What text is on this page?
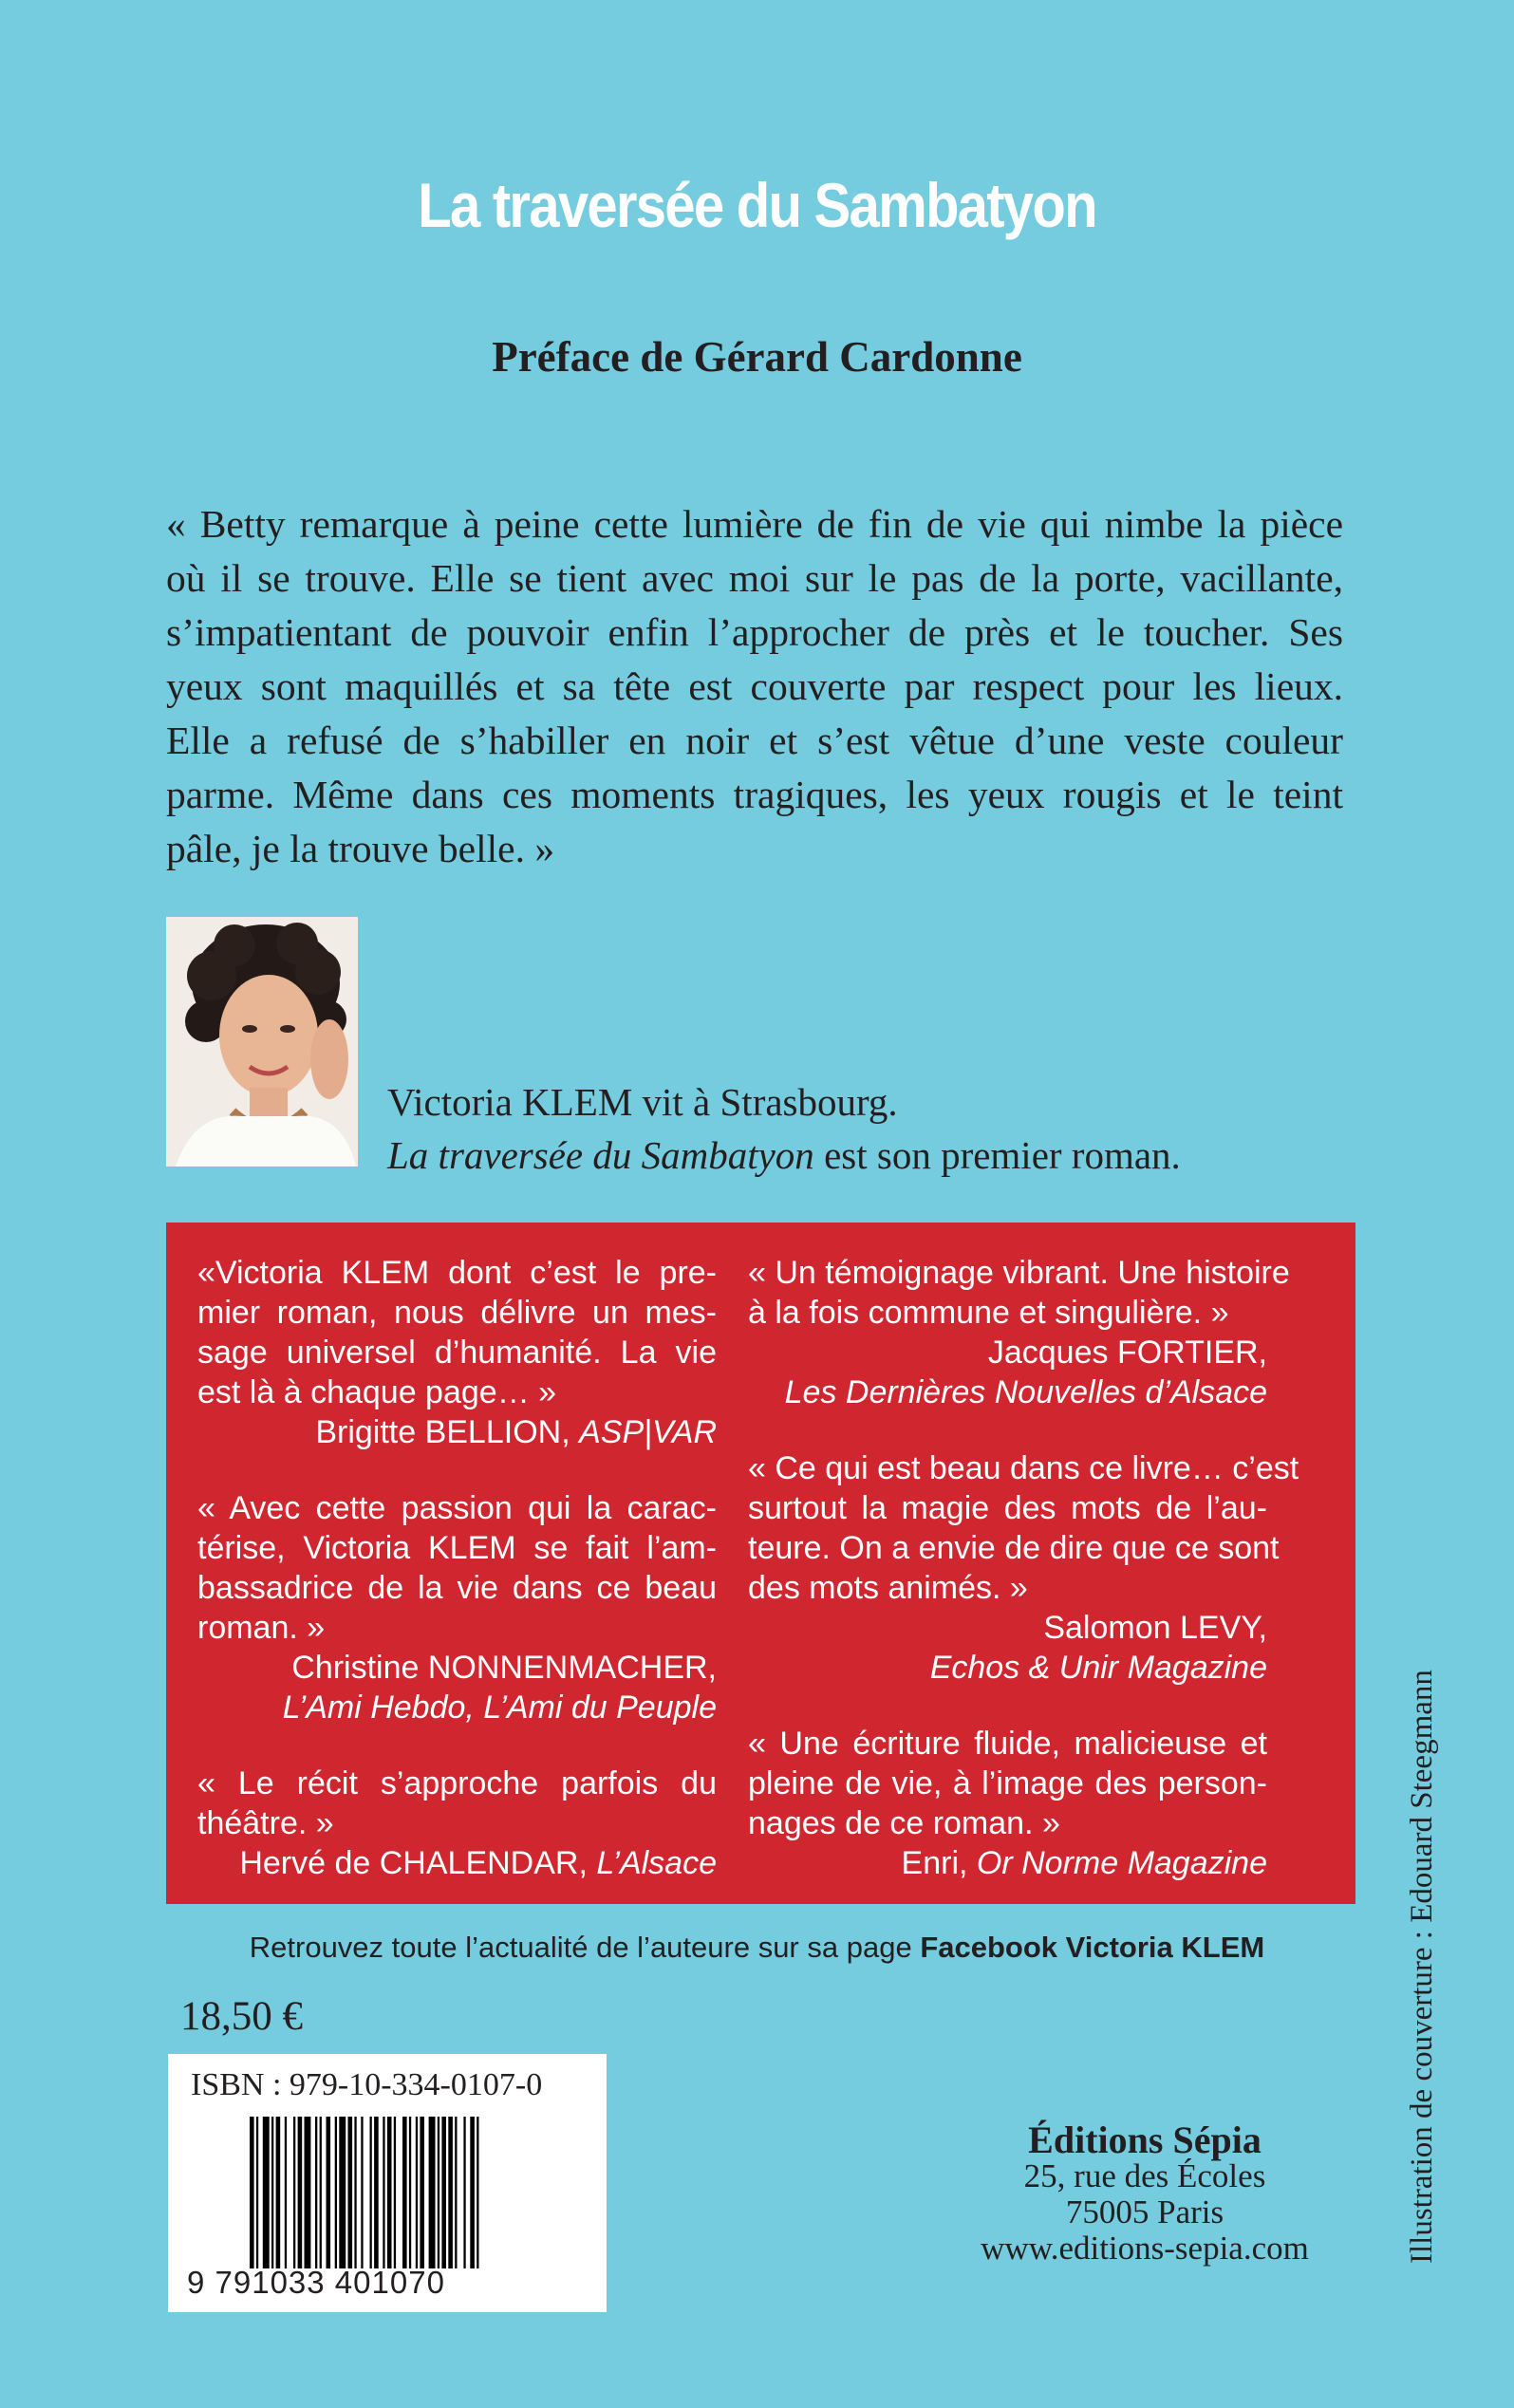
La traversée du Sambatyon
Préface de Gérard Cardonne
« Betty remarque à peine cette lumière de fin de vie qui nimbe la pièce
où il se trouve. Elle se tient avec moi sur le pas de la porte, vacillante,
s’impatientant de pouvoir enfin l’approcher de près et le toucher. Ses
yeux sont maquillés et sa tête est couverte par respect pour les lieux.
Elle a refusé de s’habiller en noir et s’est vêtue d’une veste couleur
parme. Même dans ces moments tragiques, les yeux rougis et le teint
pâle, je la trouve belle. »
Victoria KLEM vit à Strasbourg.
La traversée du Sambatyon est son premier roman.
«Victoria KLEM dont c’est le pre-
mier roman, nous délivre un mes-
sage universel d’humanité. La vie
est là à chaque page… »
Brigitte BELLION, ASP|VAR
« Avec cette passion qui la carac-
térise, Victoria KLEM se fait l’am-
bassadrice de la vie dans ce beau
roman. »
Christine NONNENMACHER,
L’Ami Hebdo, L’Ami du Peuple
« Le récit s’approche parfois du
théâtre. »
Hervé de CHALENDAR, L’Alsace
« Un témoignage vibrant. Une histoire
à la fois commune et singulière. »
Jacques FORTIER,
Les Dernières Nouvelles d’Alsace
« Ce qui est beau dans ce livre… c’est
surtout la magie des mots de l’au-
teure. On a envie de dire que ce sont
des mots animés. »
Salomon LEVY,
Echos & Unir Magazine
« Une écriture fluide, malicieuse et
pleine de vie, à l’image des person-
nages de ce roman. »
Enri, Or Norme Magazine
Retrouvez toute l’actualité de l’auteure sur sa page Facebook Victoria KLEM
18,50 €
ISBN : 979-10-334-0107-0
9 791033 401070
Éditions Sépia
25, rue des Écoles
75005 Paris
www.editions-sepia.com	Illustration de couverture : Edouard Steegmann
